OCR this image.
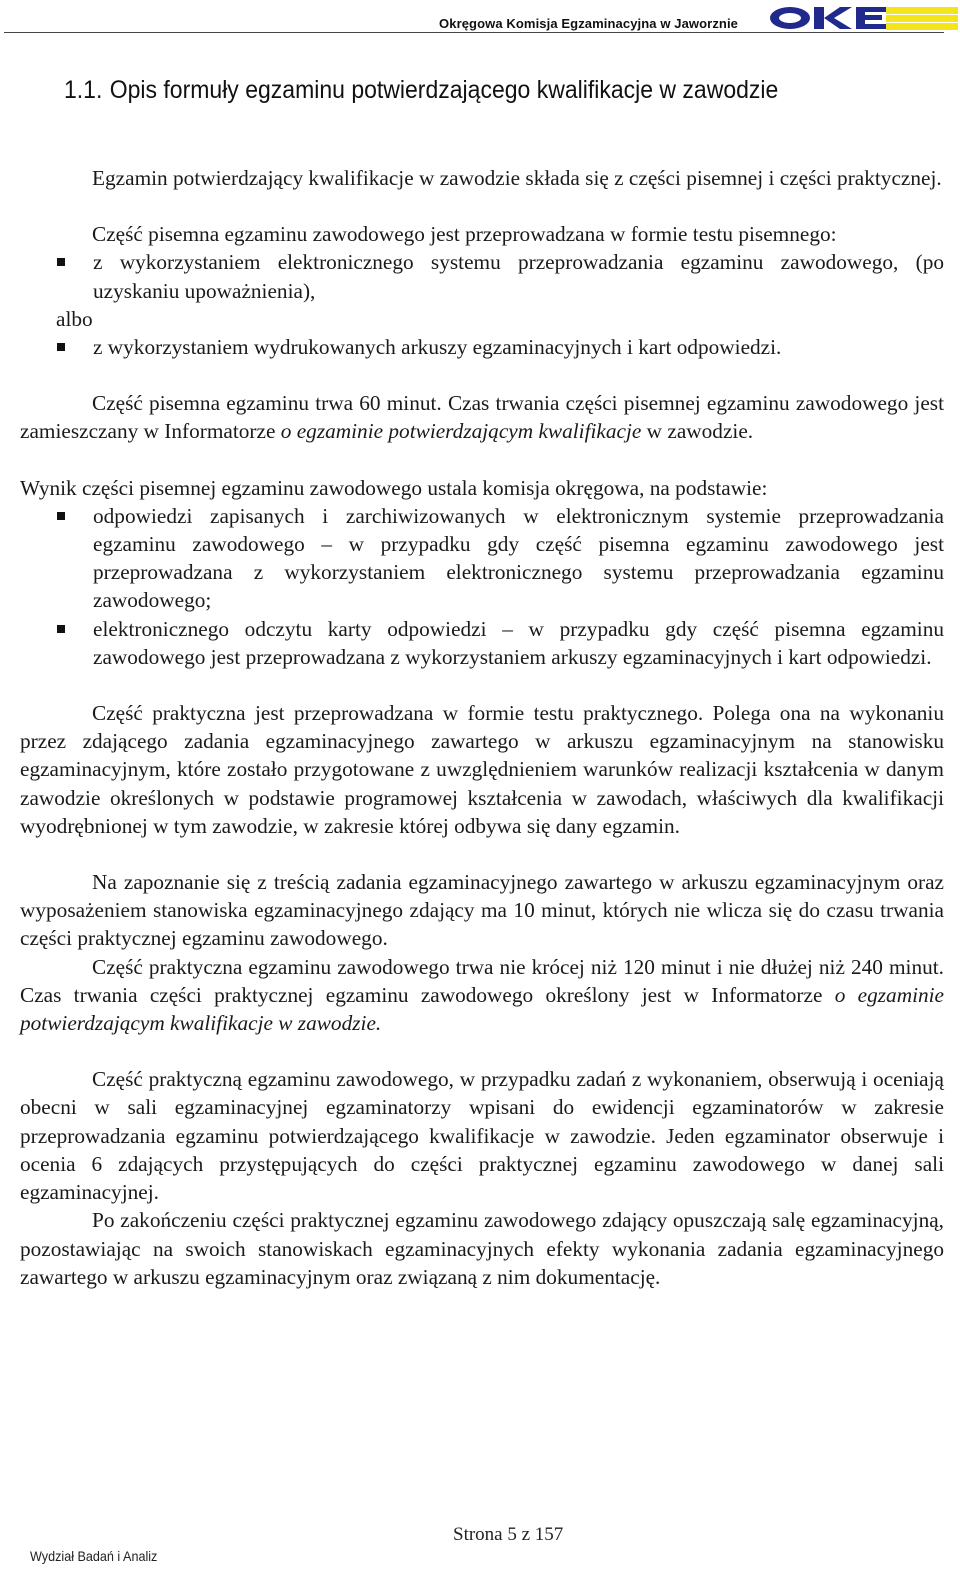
Okręgowa Komisja Egzaminacyjna w Jaworznie
1.1. Opis formuły egzaminu potwierdzającego kwalifikacje w zawodzie

Egzamin potwierdzający kwalifikacje w zawodzie składa się z części pisemnej i części praktycznej.

Część pisemna egzaminu zawodowego jest przeprowadzana w formie testu pisemnego:

z wykorzystaniem elektronicznego systemu przeprowadzania egzaminu zawodowego, (po uzyskaniu upoważnienia),
albo
z wykorzystaniem wydrukowanych arkuszy egzaminacyjnych i kart odpowiedzi.

Część pisemna egzaminu trwa 60 minut. Czas trwania części pisemnej egzaminu zawodowego jest zamieszczany w Informatorze o egzaminie potwierdzającym kwalifikacje w zawodzie.

Wynik części pisemnej egzaminu zawodowego ustala komisja okręgowa, na podstawie:

odpowiedzi zapisanych i zarchiwizowanych w elektronicznym systemie przeprowadzania egzaminu zawodowego – w przypadku gdy część pisemna egzaminu zawodowego jest przeprowadzana z wykorzystaniem elektronicznego systemu przeprowadzania egzaminu zawodowego;
elektronicznego odczytu karty odpowiedzi – w przypadku gdy część pisemna egzaminu zawodowego jest przeprowadzana z wykorzystaniem arkuszy egzaminacyjnych i kart odpowiedzi.

Część praktyczna jest przeprowadzana w formie testu praktycznego. Polega ona na wykonaniu przez zdającego zadania egzaminacyjnego zawartego w arkuszu egzaminacyjnym na stanowisku egzaminacyjnym, które zostało przygotowane z uwzględnieniem warunków realizacji kształcenia w danym zawodzie określonych w podstawie programowej kształcenia w zawodach, właściwych dla kwalifikacji wyodrębnionej w tym zawodzie, w zakresie której odbywa się dany egzamin.

Na zapoznanie się z treścią zadania egzaminacyjnego zawartego w arkuszu egzaminacyjnym oraz wyposażeniem stanowiska egzaminacyjnego zdający ma 10 minut, których nie wlicza się do czasu trwania części praktycznej egzaminu zawodowego.

Część praktyczna egzaminu zawodowego trwa nie krócej niż 120 minut i nie dłużej niż 240 minut. Czas trwania części praktycznej egzaminu zawodowego określony jest w Informatorze o egzaminie potwierdzającym kwalifikacje w zawodzie.

Część praktyczną egzaminu zawodowego, w przypadku zadań z wykonaniem, obserwują i oceniają obecni w sali egzaminacyjnej egzaminatorzy wpisani do ewidencji egzaminatorów w zakresie przeprowadzania egzaminu potwierdzającego kwalifikacje w zawodzie. Jeden egzaminator obserwuje i ocenia 6 zdających przystępujących do części praktycznej egzaminu zawodowego w danej sali egzaminacyjnej.

Po zakończeniu części praktycznej egzaminu zawodowego zdający opuszczają salę egzaminacyjną, pozostawiając na swoich stanowiskach egzaminacyjnych efekty wykonania zadania egzaminacyjnego zawartego w arkuszu egzaminacyjnym oraz związaną z nim dokumentację.

Strona 5 z 157
Wydział Badań i Analiz
